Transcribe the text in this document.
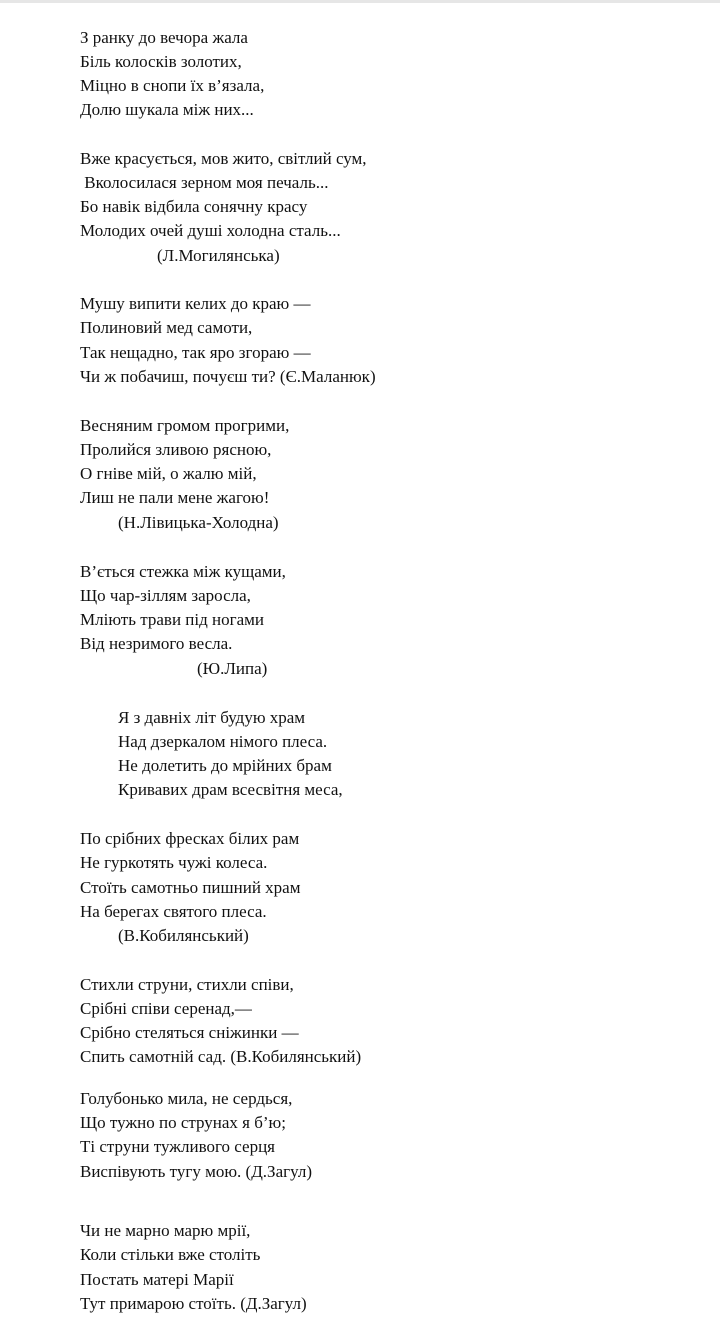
З ранку до вечора жала
Біль колосків золотих,
Міцно в снопи їх в’язала,
Долю шукала між них...
Вже красується, мов жито, світлий сум,
Вколосилася зерном моя печаль...
Бо навік відбила сонячну красу
Молодих очей душі холодна сталь...
(Л.Могилянська)
Мушу випити келих до краю —
Полиновий мед самоти,
Так нещадно, так яро згораю —
Чи ж побачиш, почуєш ти? (Є.Маланюк)
Весняним громом прогрими,
Пролийся зливою рясною,
О гніве мій, о жалю мій,
Лиш не пали мене жагою!
(Н.Лівицька-Холодна)
В’ється стежка між кущами,
Що чар-зіллям заросла,
Мліють трави під ногами
Від незримого весла.
(Ю.Липа)
Я з давніх літ будую храм
Над дзеркалом німого плеса.
Не долетить до мрійних брам
Кривавих драм всесвітня меса,
По срібних фресках білих рам
Не гуркотять чужі колеса.
Стоїть самотньо пишний храм
На берегах святого плеса.
(В.Кобилянський)
Стихли струни, стихли співи,
Срібні співи серенад,—
Срібно стеляться сніжинки —
Спить самотній сад. (В.Кобилянський)
Голубонько мила, не сердься,
Що тужно по струнах я б’ю;
Ті струни тужливого серця
Виспівують тугу мою. (Д.Загул)
Чи не марно марю мрії,
Коли стільки вже століть
Постать матері Марії
Тут примарою стоїть. (Д.Загул)
